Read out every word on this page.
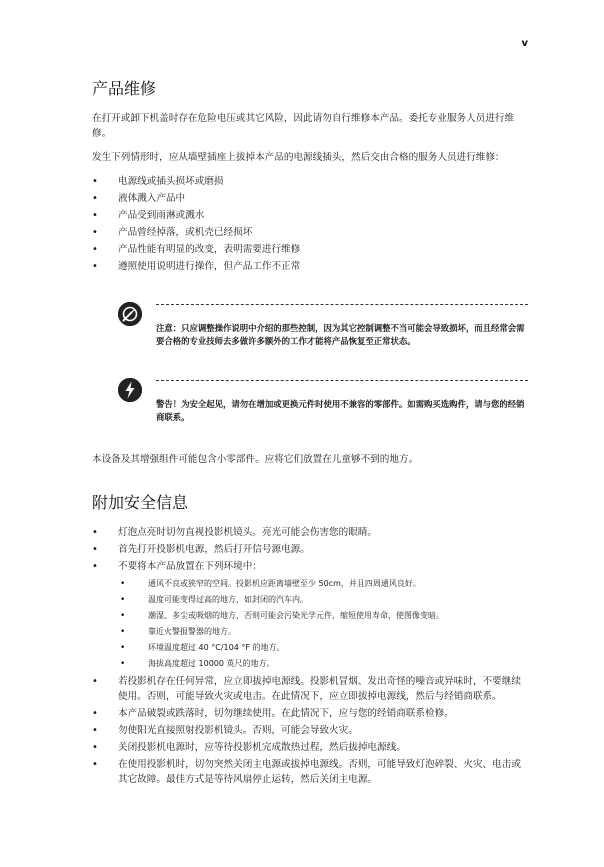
v
产品维修

在打开或卸下机盖时存在危险电压或其它风险，因此请勿自行维修本产品。委托专业服务人员进行维修。

发生下列情形时，应从墙壁插座上拔掉本产品的电源线插头，然后交由合格的服务人员进行维修：

• 电源线或插头损坏或磨损
• 液体溅入产品中
• 产品受到雨淋或溅水
• 产品曾经掉落，或机壳已经损坏
• 产品性能有明显的改变，表明需要进行维修
• 遵照使用说明进行操作，但产品工作不正常
注意：只应调整操作说明中介绍的那些控制，因为其它控制调整不当可能会导致损坏，而且经常会需要合格的专业技师去多做许多额外的工作才能将产品恢复至正常状态。
警告！为安全起见，请勿在增加或更换元件时使用不兼容的零部件。如需购买选购件，请与您的经销商联系。

本设备及其增强组件可能包含小零部件。应将它们放置在儿童够不到的地方。

附加安全信息
• 灯泡点亮时切勿直视投影机镜头。亮光可能会伤害您的眼睛。
• 首先打开投影机电源，然后打开信号源电源。
• 不要将本产品放置在下列环境中：
• 通风不良或狭窄的空间。投影机应距离墙壁至少 50cm，并且四周通风良好。
• 温度可能变得过高的地方，如封闭的汽车内。
• 潮湿、多尘或吸烟的地方，否则可能会污染光学元件，缩短使用寿命，使图像变暗。
• 靠近火警报警器的地方。
• 环境温度超过 40 °C/104 °F 的地方。
• 海拔高度超过 10000 英尺的地方。
• 若投影机存在任何异常，应立即拔掉电源线。投影机冒烟、发出奇怪的噪音或异味时，不要继续使用。否则，可能导致火灾或电击。在此情况下，应立即拔掉电源线，然后与经销商联系。
• 本产品破裂或跌落时，切勿继续使用。在此情况下，应与您的经销商联系检修。
• 勿使阳光直接照射投影机镜头。否则，可能会导致火灾。
• 关闭投影机电源时，应等待投影机完成散热过程，然后拔掉电源线。
• 在使用投影机时，切勿突然关闭主电源或拔掉电源线。否则，可能导致灯泡碎裂、火灾、电击或其它故障。最佳方式是等待风扇停止运转，然后关闭主电源。
